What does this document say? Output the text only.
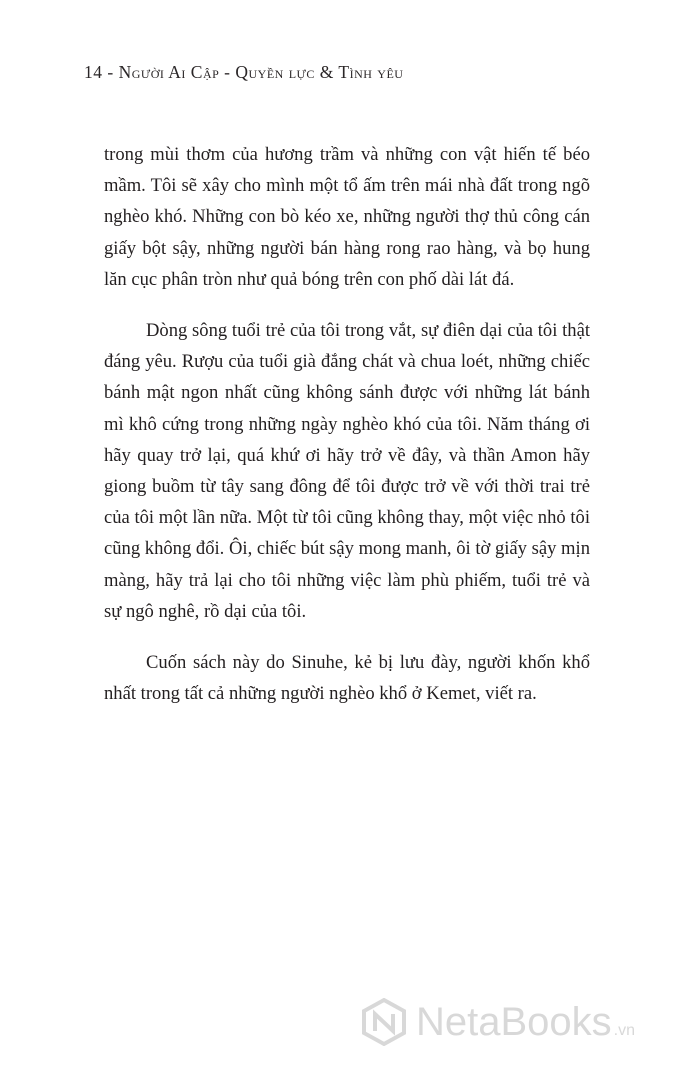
14 - Người Ai Cập - Quyền lực & Tình yêu

trong mùi thơm của hương trầm và những con vật hiến tế béo mầm. Tôi sẽ xây cho mình một tổ ấm trên mái nhà đất trong ngõ nghèo khó. Những con bò kéo xe, những người thợ thủ công cán giấy bột sậy, những người bán hàng rong rao hàng, và bọ hung lăn cục phân tròn như quả bóng trên con phố dài lát đá.

Dòng sông tuổi trẻ của tôi trong vắt, sự điên dại của tôi thật đáng yêu. Rượu của tuổi già đắng chát và chua loét, những chiếc bánh mật ngon nhất cũng không sánh được với những lát bánh mì khô cứng trong những ngày nghèo khó của tôi. Năm tháng ơi hãy quay trở lại, quá khứ ơi hãy trở về đây, và thần Amon hãy giong buồm từ tây sang đông để tôi được trở về với thời trai trẻ của tôi một lần nữa. Một từ tôi cũng không thay, một việc nhỏ tôi cũng không đổi. Ôi, chiếc bút sậy mong manh, ôi tờ giấy sậy mịn màng, hãy trả lại cho tôi những việc làm phù phiếm, tuổi trẻ và sự ngô nghê, rồ dại của tôi.

Cuốn sách này do Sinuhe, kẻ bị lưu đày, người khốn khổ nhất trong tất cả những người nghèo khổ ở Kemet, viết ra.

NetaBooks .vn
